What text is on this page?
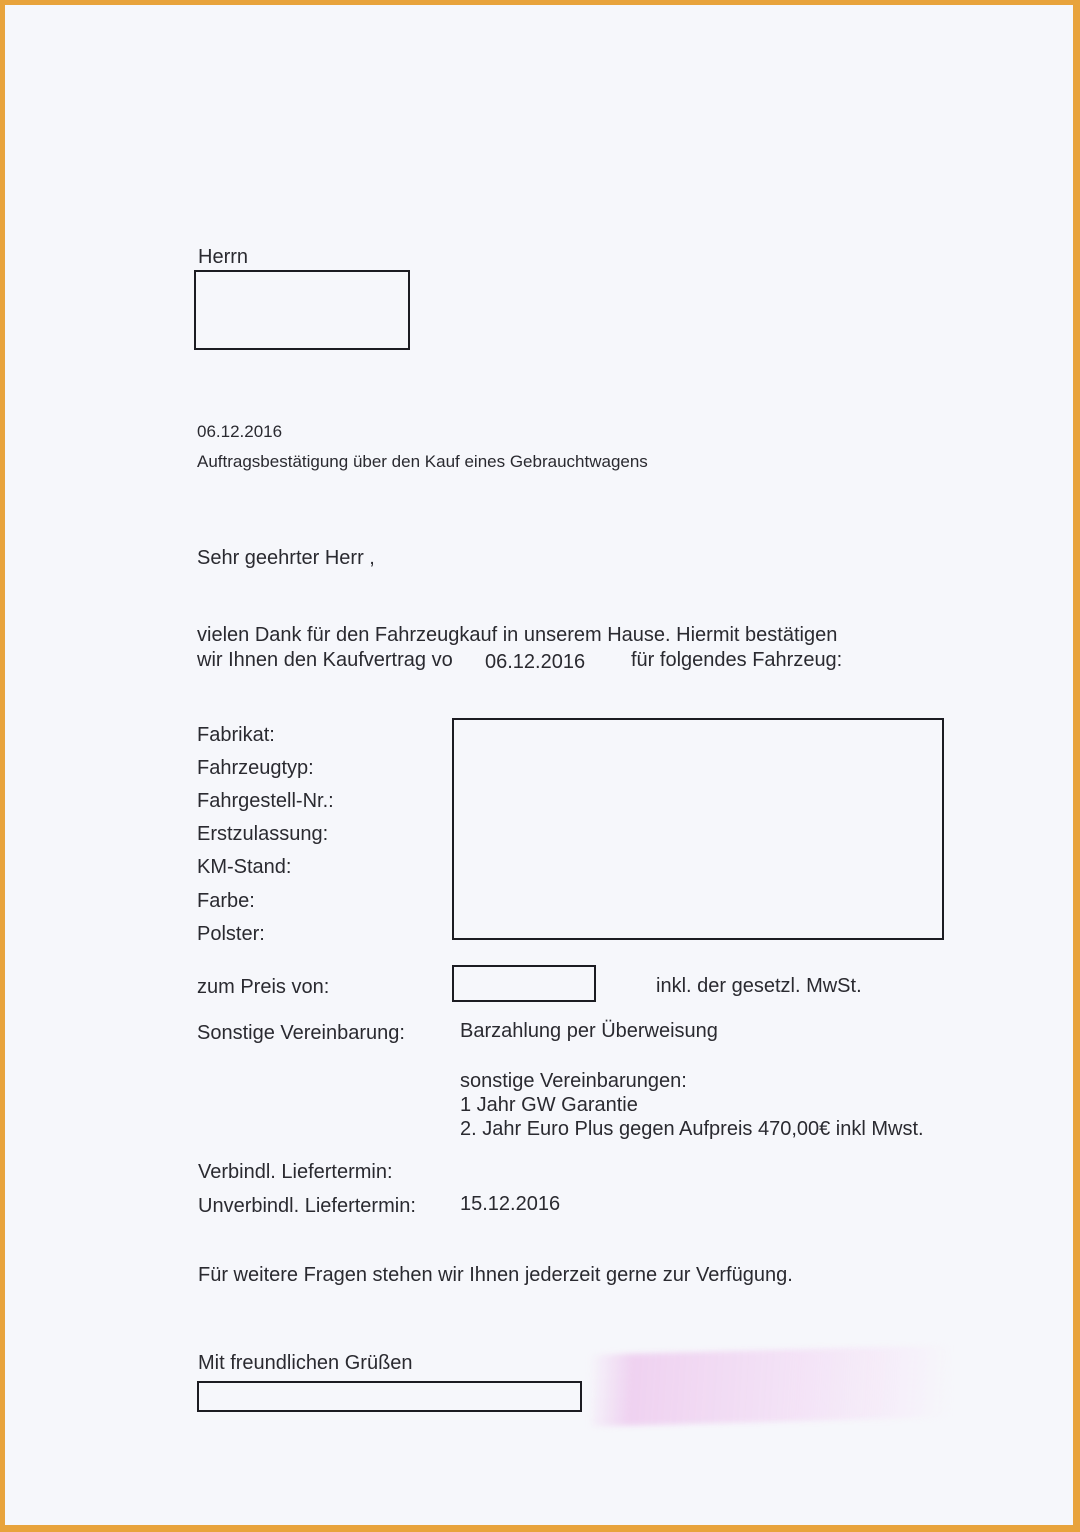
Herrn
06.12.2016
Auftragsbestätigung über den Kauf eines Gebrauchtwagens
Sehr geehrter Herr ,
vielen Dank für den Fahrzeugkauf in unserem Hause. Hiermit bestätigen
wir Ihnen den Kaufvertrag vo 06.12.2016 für folgendes Fahrzeug:
Fabrikat:
Fahrzeugtyp:
Fahrgestell-Nr.:
Erstzulassung:
KM-Stand:
Farbe:
Polster:
zum Preis von:	inkl. der gesetzl. MwSt.
Sonstige Vereinbarung:	Barzahlung per Überweisung
sonstige Vereinbarungen:
1 Jahr GW Garantie
2. Jahr Euro Plus gegen Aufpreis 470,00€ inkl Mwst.
Verbindl. Liefertermin:
Unverbindl. Liefertermin: 15.12.2016
Für weitere Fragen stehen wir Ihnen jederzeit gerne zur Verfügung.
Mit freundlichen Grüßen
